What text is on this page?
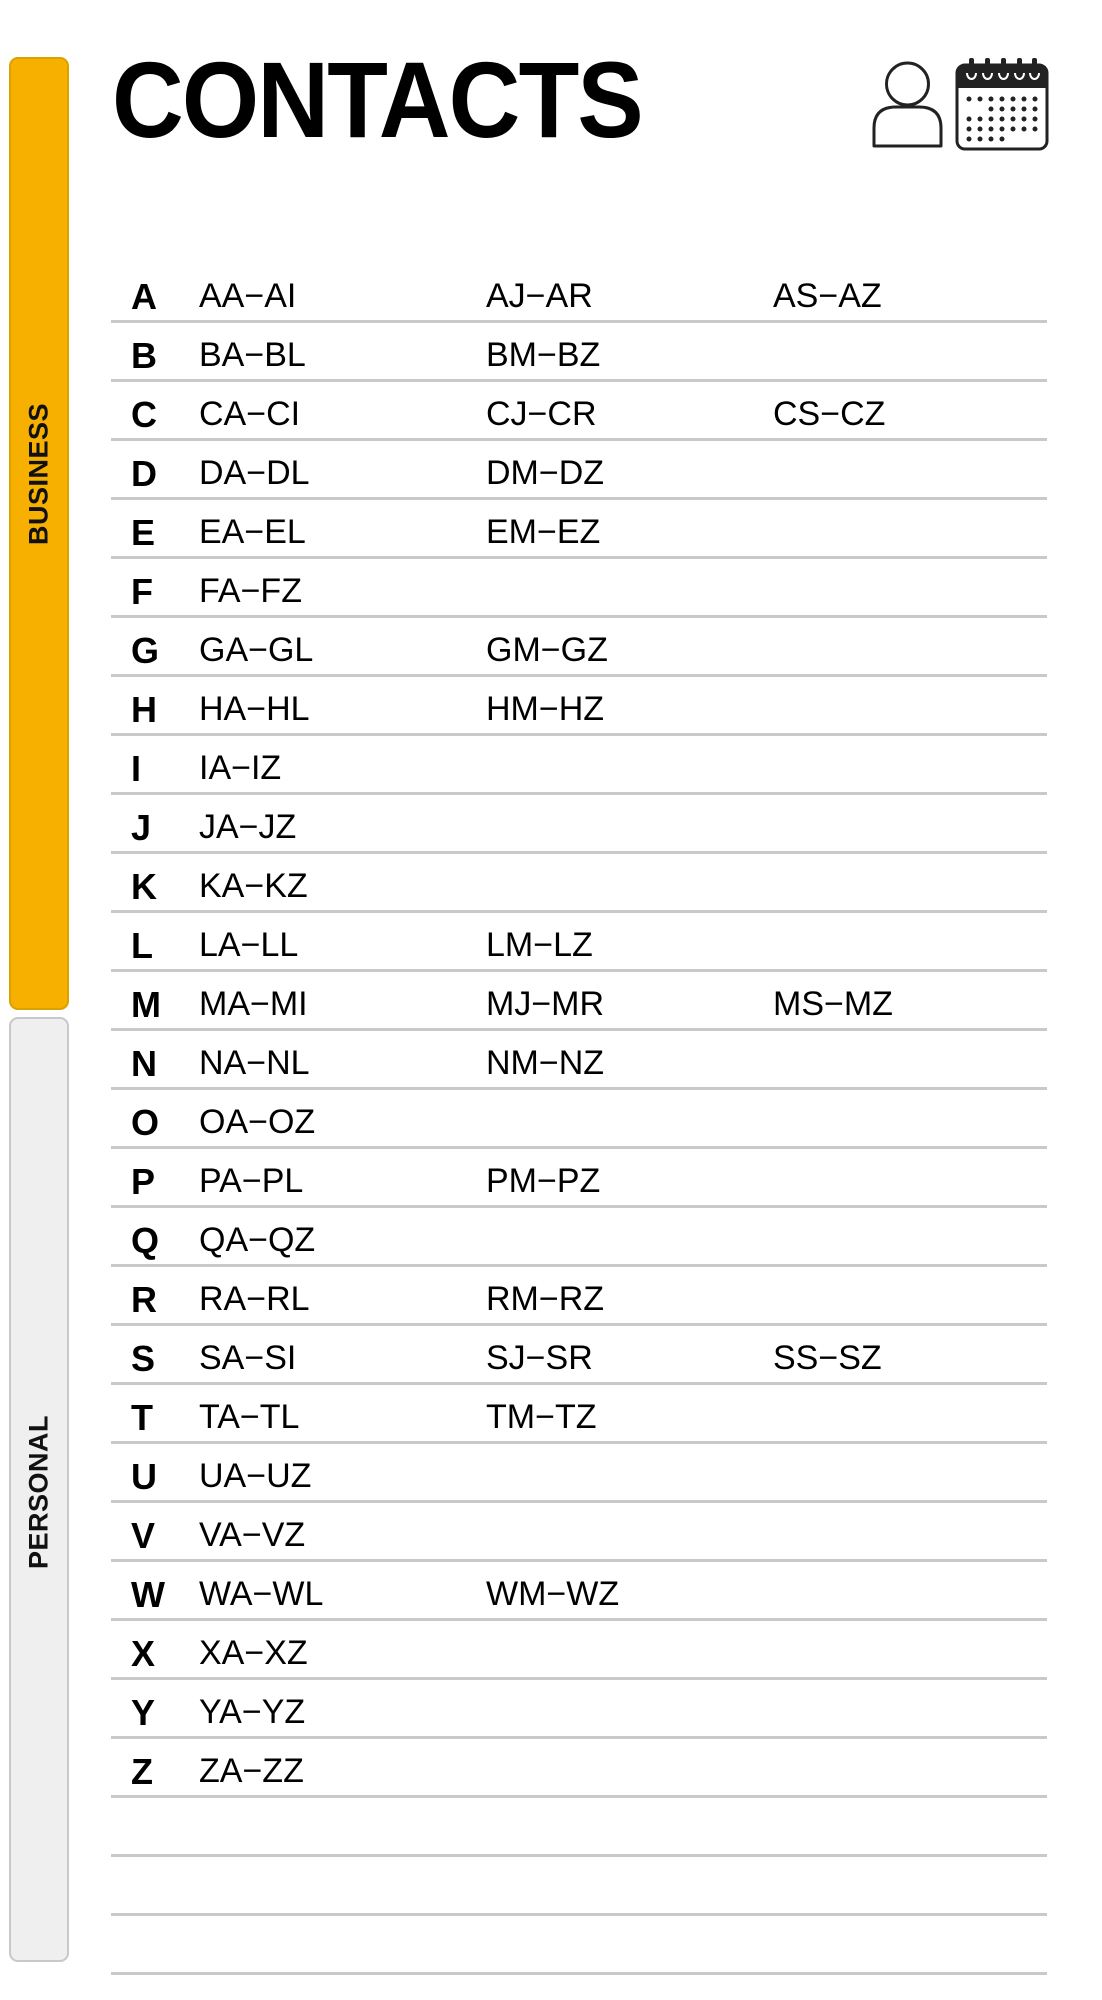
BUSINESS
PERSONAL
CONTACTS
A AA−AI	AJ−AR	AS−AZ
B BA−BL	BM−BZ
C CA−CI	CJ−CR	CS−CZ
D DA−DL	DM−DZ
E EA−EL	EM−EZ
F FA−FZ
G GA−GL	GM−GZ
H HA−HL	HM−HZ
I IA−IZ
J JA−JZ
K KA−KZ
L LA−LL	LM−LZ
M MA−MI	MJ−MR	MS−MZ
N NA−NL	NM−NZ
O OA−OZ
P PA−PL	PM−PZ
Q QA−QZ
R RA−RL	RM−RZ
S SA−SI	SJ−SR	SS−SZ
T TA−TL	TM−TZ
U UA−UZ
V VA−VZ
W WA−WL	WM−WZ
X XA−XZ
Y YA−YZ
Z ZA−ZZ
